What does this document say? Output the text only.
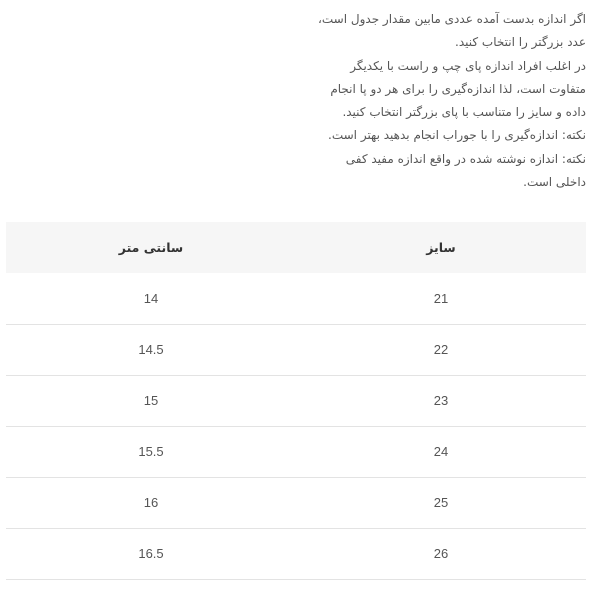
اگر اندازه بدست آمده عددی مابین مقدار جدول است،
عدد بزرگتر را انتخاب کنید.
در اغلب افراد اندازه پای چپ و راست با یکدیگر
متفاوت است، لذا اندازه‌گیری را برای هر دو پا انجام
داده و سایز را متناسب با پای بزرگتر انتخاب کنید.
نکته: اندازه‌گیری را با جوراب انجام بدهید بهتر است.
نکته: اندازه نوشته شده در واقع اندازه مفید کفی
داخلی است.
سایز	سانتی متر
21	14
22	14.5
23	15
24	15.5
25	16
26	16.5
